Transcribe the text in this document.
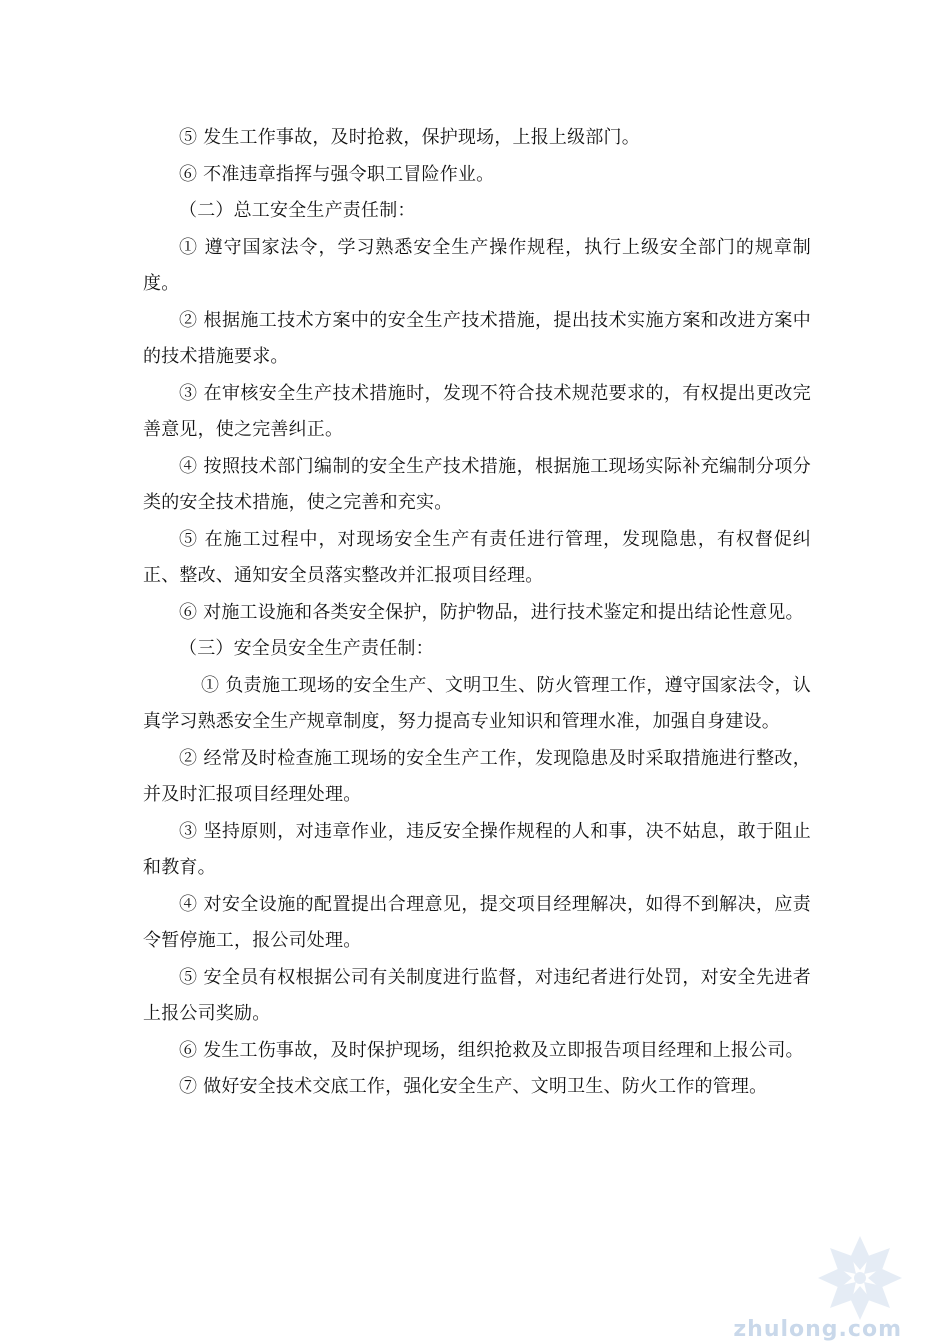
⑤ 发生工作事故，及时抢救，保护现场，上报上级部门。

⑥ 不准违章指挥与强令职工冒险作业。

（二）总工安全生产责任制：

① 遵守国家法令，学习熟悉安全生产操作规程，执行上级安全部门的规章制度。

② 根据施工技术方案中的安全生产技术措施，提出技术实施方案和改进方案中的技术措施要求。

③ 在审核安全生产技术措施时，发现不符合技术规范要求的，有权提出更改完善意见，使之完善纠正。

④ 按照技术部门编制的安全生产技术措施，根据施工现场实际补充编制分项分类的安全技术措施，使之完善和充实。

⑤ 在施工过程中，对现场安全生产有责任进行管理，发现隐患，有权督促纠正、整改、通知安全员落实整改并汇报项目经理。

⑥ 对施工设施和各类安全保护，防护物品，进行技术鉴定和提出结论性意见。

（三）安全员安全生产责任制：

① 负责施工现场的安全生产、文明卫生、防火管理工作，遵守国家法令，认真学习熟悉安全生产规章制度，努力提高专业知识和管理水准，加强自身建设。

② 经常及时检查施工现场的安全生产工作，发现隐患及时采取措施进行整改，并及时汇报项目经理处理。

③ 坚持原则，对违章作业，违反安全操作规程的人和事，决不姑息，敢于阻止和教育。

④ 对安全设施的配置提出合理意见，提交项目经理解决，如得不到解决，应责令暂停施工，报公司处理。

⑤ 安全员有权根据公司有关制度进行监督，对违纪者进行处罚，对安全先进者上报公司奖励。

⑥ 发生工伤事故，及时保护现场，组织抢救及立即报告项目经理和上报公司。

⑦ 做好安全技术交底工作，强化安全生产、文明卫生、防火工作的管理。

zhulong.com
